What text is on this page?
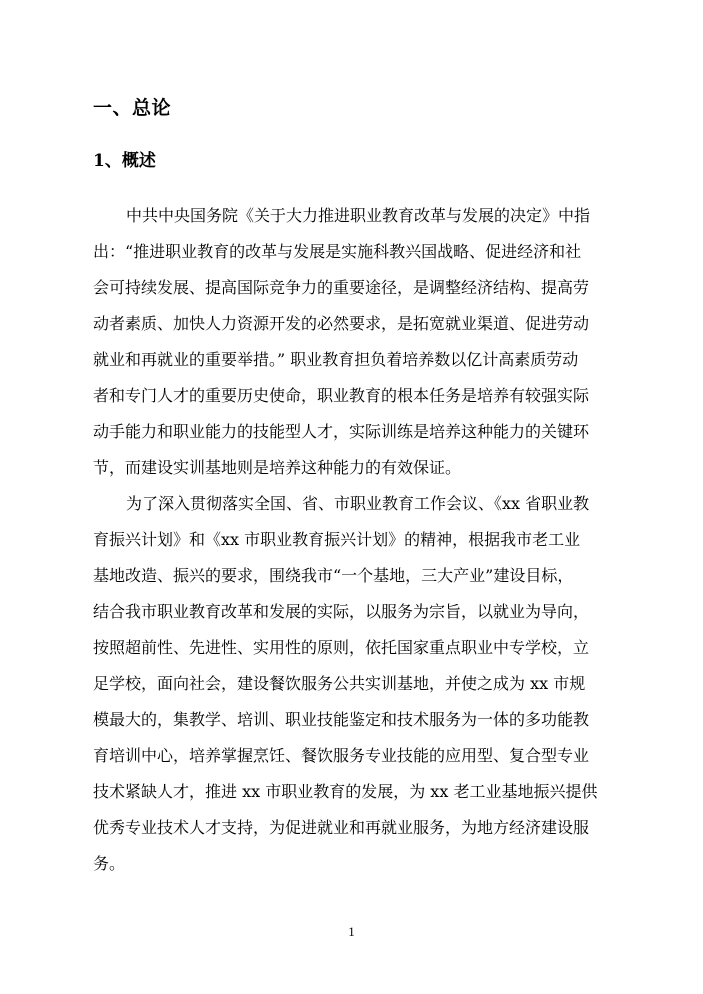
一、总论
1、概述
中共中央国务院《关于大力推进职业教育改革与发展的决定》中指
出：“推进职业教育的改革与发展是实施科教兴国战略、促进经济和社
会可持续发展、提高国际竞争力的重要途径，是调整经济结构、提高劳
动者素质、加快人力资源开发的必然要求，是拓宽就业渠道、促进劳动
就业和再就业的重要举措。” 职业教育担负着培养数以亿计高素质劳动
者和专门人才的重要历史使命，职业教育的根本任务是培养有较强实际
动手能力和职业能力的技能型人才，实际训练是培养这种能力的关键环
节，而建设实训基地则是培养这种能力的有效保证。
为了深入贯彻落实全国、省、市职业教育工作会议、《xx 省职业教
育振兴计划》和《xx 市职业教育振兴计划》的精神，根据我市老工业
基地改造、振兴的要求，围绕我市“一个基地，三大产业”建设目标，
结合我市职业教育改革和发展的实际，以服务为宗旨，以就业为导向，
按照超前性、先进性、实用性的原则，依托国家重点职业中专学校，立
足学校，面向社会，建设餐饮服务公共实训基地，并使之成为 xx 市规
模最大的，集教学、培训、职业技能鉴定和技术服务为一体的多功能教
育培训中心，培养掌握烹饪、餐饮服务专业技能的应用型、复合型专业
技术紧缺人才，推进 xx 市职业教育的发展，为 xx 老工业基地振兴提供
优秀专业技术人才支持，为促进就业和再就业服务，为地方经济建设服
务。
1
